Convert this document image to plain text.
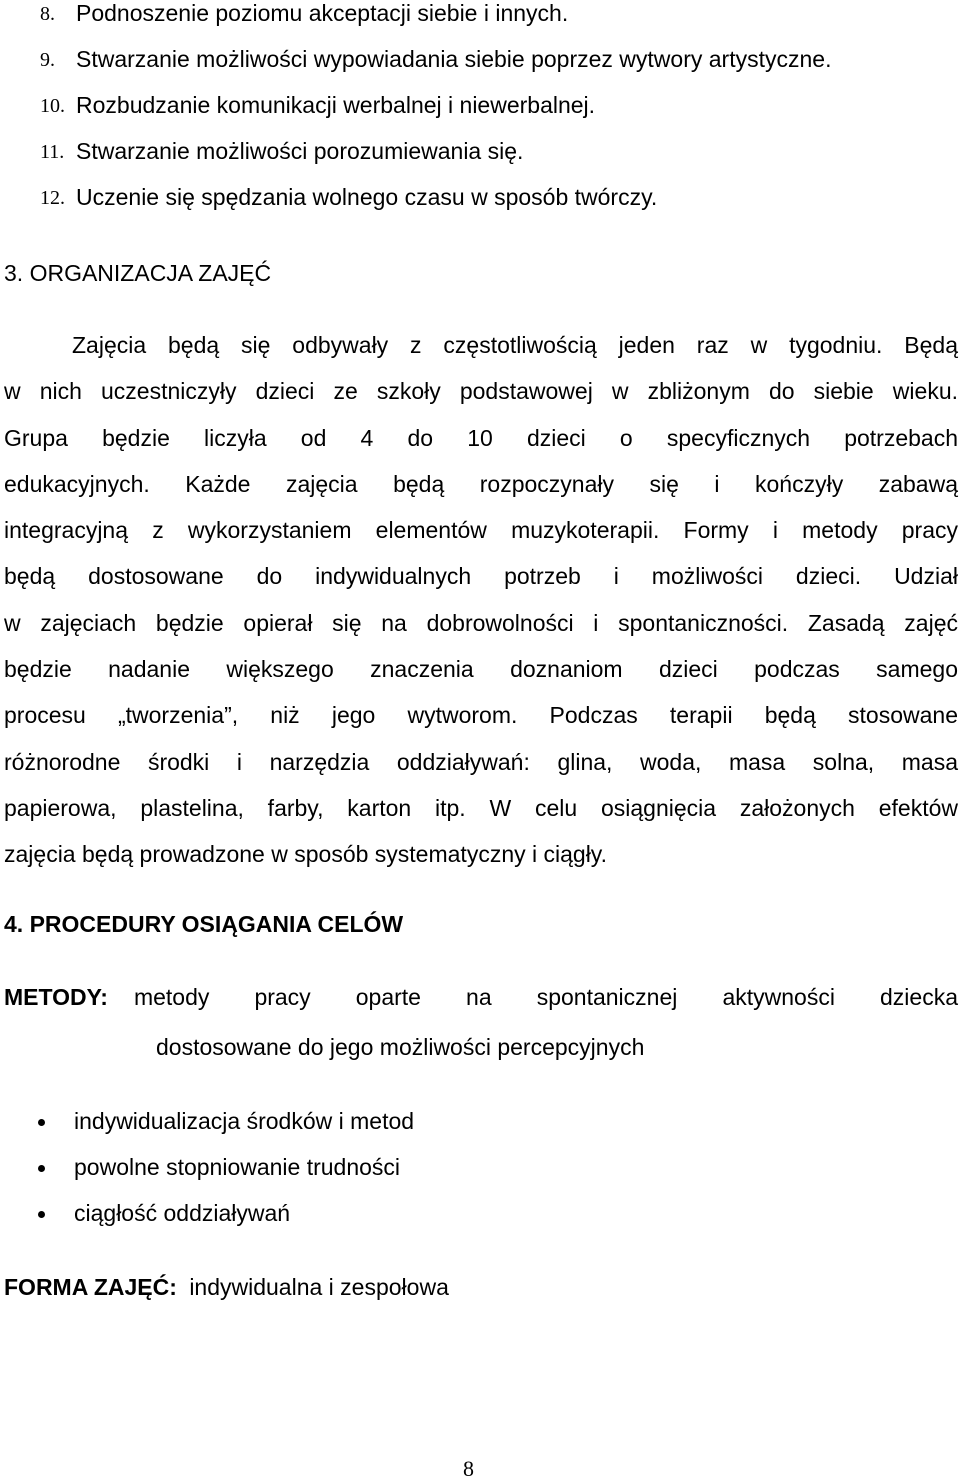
8. Podnoszenie poziomu akceptacji siebie i innych.
9. Stwarzanie możliwości wypowiadania siebie poprzez wytwory artystyczne.
10. Rozbudzanie komunikacji werbalnej i niewerbalnej.
11. Stwarzanie możliwości porozumiewania się.
12. Uczenie się spędzania wolnego czasu w sposób twórczy.
3. ORGANIZACJA ZAJĘĆ
Zajęcia będą się odbywały z częstotliwością jeden raz w tygodniu. Będą
w nich uczestniczyły dzieci ze szkoły podstawowej w zbliżonym do siebie wieku.
Grupa będzie liczyła od 4 do 10 dzieci o specyficznych potrzebach
edukacyjnych. Każde zajęcia będą rozpoczynały się i kończyły zabawą
integracyjną z wykorzystaniem elementów muzykoterapii. Formy i metody pracy
będą dostosowane do indywidualnych potrzeb i możliwości dzieci. Udział
w zajęciach będzie opierał się na dobrowolności i spontaniczności. Zasadą zajęć
będzie nadanie większego znaczenia doznaniom dzieci podczas samego
procesu „tworzenia”, niż jego wytworom. Podczas terapii będą stosowane
różnorodne środki i narzędzia oddziaływań: glina, woda, masa solna, masa
papierowa, plastelina, farby, karton itp. W celu osiągnięcia założonych efektów
zajęcia będą prowadzone w sposób systematyczny i ciągły.
4. PROCEDURY OSIĄGANIA CELÓW
METODY: metody pracy oparte na spontanicznej aktywności dziecka
dostosowane do jego możliwości percepcyjnych
indywidualizacja środków i metod
powolne stopniowanie trudności
ciągłość oddziaływań
FORMA ZAJĘĆ: indywidualna i zespołowa
8
